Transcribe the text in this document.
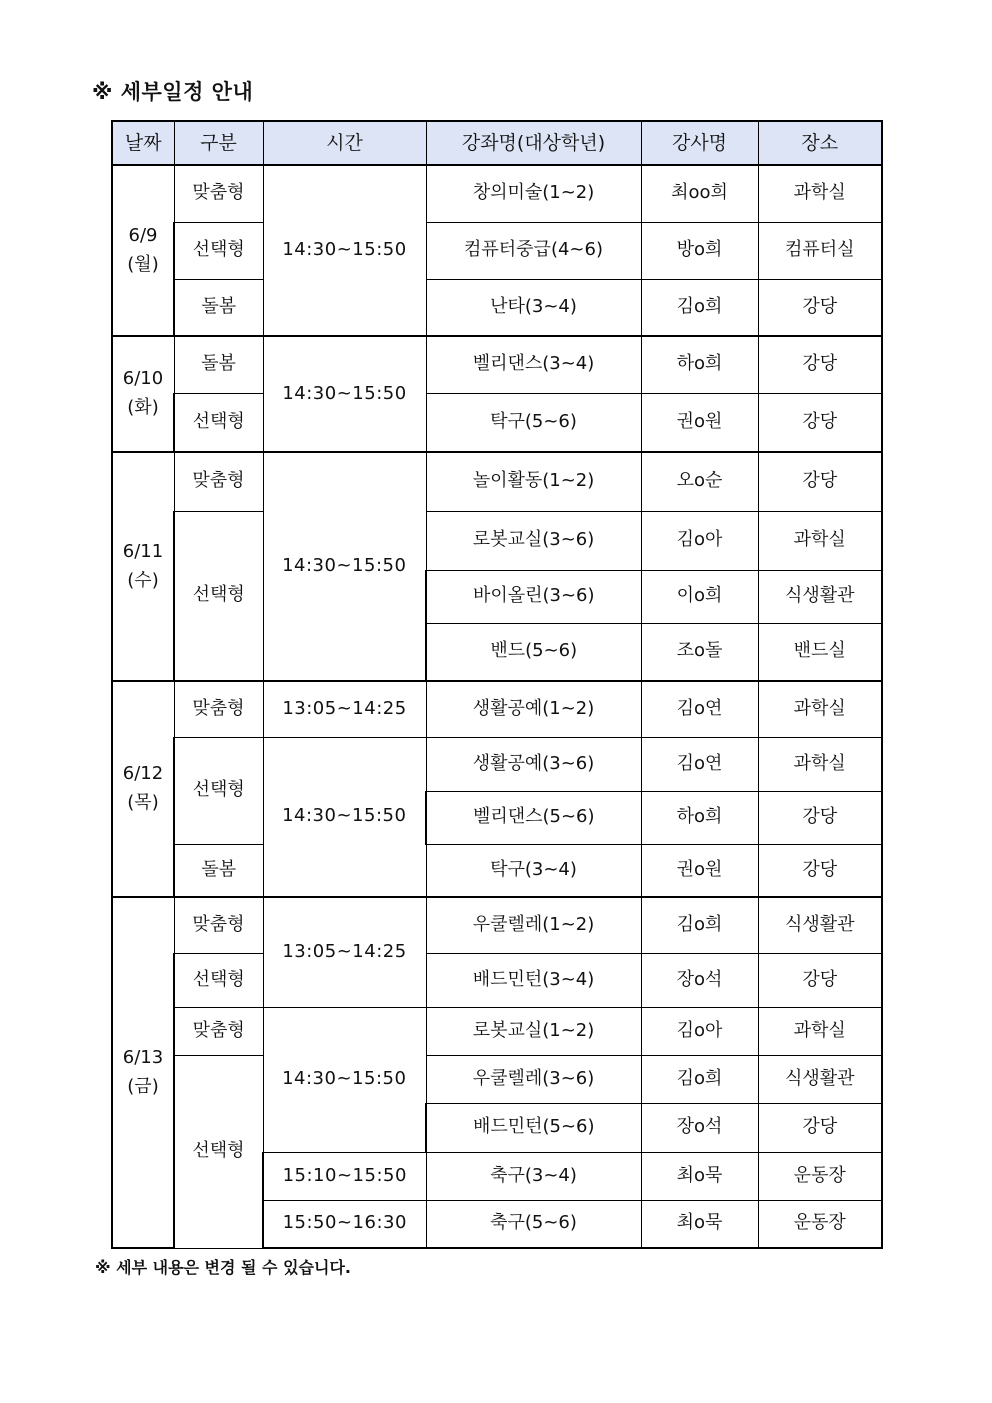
※ 세부일정 안내
날짜	구분	시간	강좌명(대상학년)	강사명	장소

6/9
(월)	맞춤형	14:30~15:50	창의미술(1~2)	최oo희	과학실
	선택형		컴퓨터중급(4~6)	방o희	컴퓨터실
	돌봄		난타(3~4)	김o희	강당

6/10
(화)	돌봄	14:30~15:50	벨리댄스(3~4)	하o희	강당
	선택형		탁구(5~6)	권o원	강당

6/11
(수)	맞춤형	14:30~15:50	놀이활동(1~2)	오o순	강당
	선택형		로봇교실(3~6)	김o아	과학실
			바이올린(3~6)	이o희	식생활관
			밴드(5~6)	조o돌	밴드실

6/12
(목)	맞춤형	13:05~14:25	생활공예(1~2)	김o연	과학실
	선택형	14:30~15:50	생활공예(3~6)	김o연	과학실
			벨리댄스(5~6)	하o희	강당
	돌봄		탁구(3~4)	권o원	강당

6/13
(금)	맞춤형	13:05~14:25	우쿨렐레(1~2)	김o희	식생활관
	선택형		배드민턴(3~4)	장o석	강당
	맞춤형	14:30~15:50	로봇교실(1~2)	김o아	과학실
	선택형		우쿨렐레(3~6)	김o희	식생활관
			배드민턴(5~6)	장o석	강당
		15:10~15:50	축구(3~4)	최o묵	운동장
		15:50~16:30	축구(5~6)	최o묵	운동장
※ 세부 내용은 변경 될 수 있습니다.
